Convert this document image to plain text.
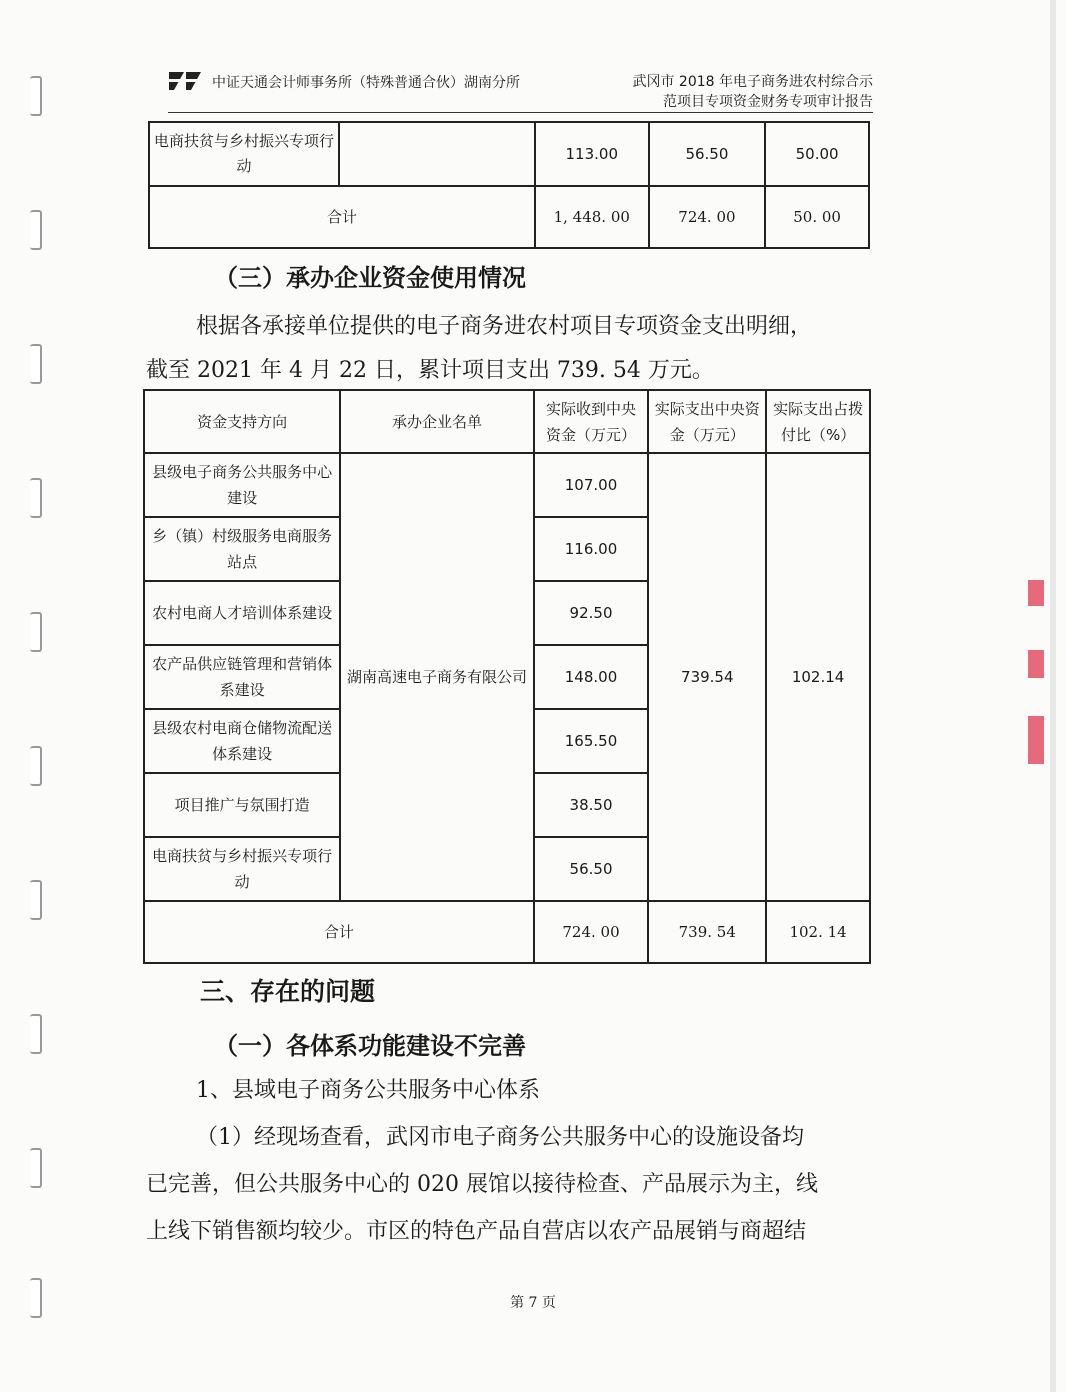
中证天通会计师事务所（特殊普通合伙）湖南分所	武冈市 2018 年电子商务进农村综合示
范项目专项资金财务专项审计报告
电商扶贫与乡村振兴专项行动	113.00	56.50	50.00
合计	1, 448. 00	724. 00	50. 00
（三）承办企业资金使用情况
根据各承接单位提供的电子商务进农村项目专项资金支出明细，
截至 2021 年 4 月 22 日，累计项目支出 739. 54 万元。
资金支持方向	承办企业名单	实际收到中央资金（万元）	实际支出中央资金（万元）	实际支出占拨付比（%）
县级电子商务公共服务中心建设	湖南高速电子商务有限公司	107.00	739.54	102.14
乡（镇）村级服务电商服务站点		116.00		
农村电商人才培训体系建设		92.50		
农产品供应链管理和营销体系建设		148.00		
县级农村电商仓储物流配送体系建设		165.50		
项目推广与氛围打造		38.50		
电商扶贫与乡村振兴专项行动		56.50		
合计		724. 00	739. 54	102. 14
三、存在的问题
（一）各体系功能建设不完善
1、县域电子商务公共服务中心体系
（1）经现场查看，武冈市电子商务公共服务中心的设施设备均
已完善，但公共服务中心的 020 展馆以接待检查、产品展示为主，线
上线下销售额均较少。市区的特色产品自营店以农产品展销与商超结
第 7 页
